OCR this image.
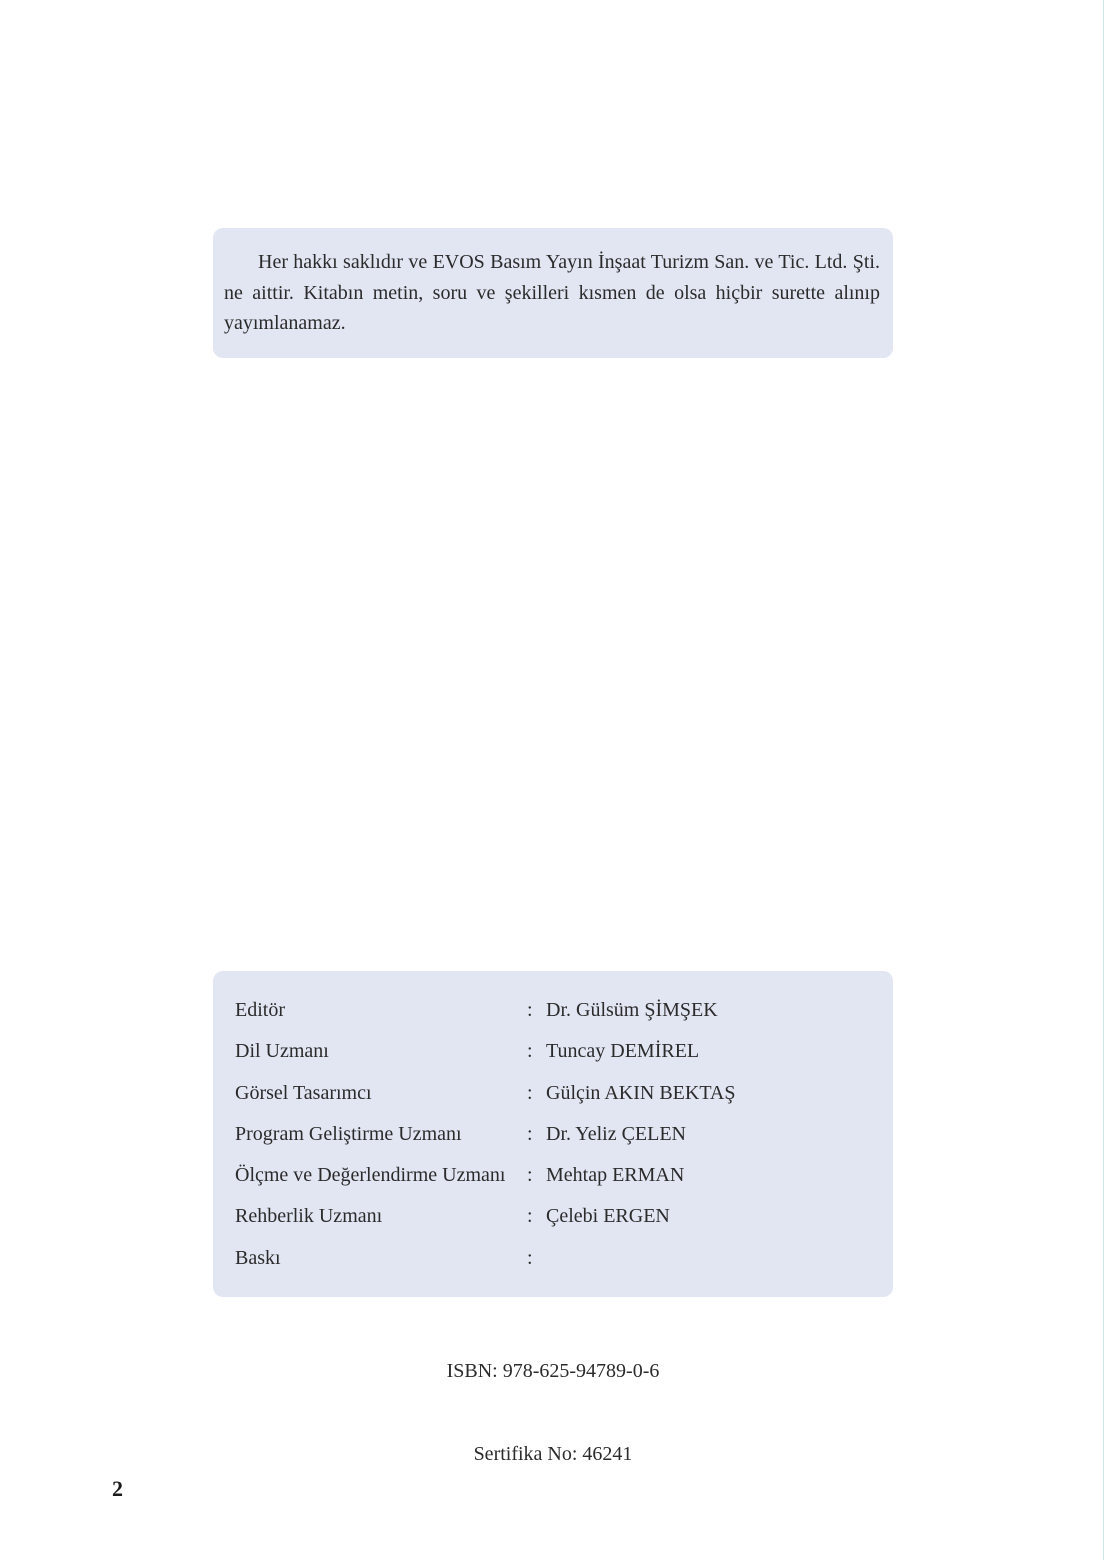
Her hakkı saklıdır ve EVOS Basım Yayın İnşaat Turizm San. ve Tic. Ltd. Şti. ne aittir. Kitabın metin, soru ve şekilleri kısmen de olsa hiçbir surette alınıp yayımlanamaz.

Editör	: Dr. Gülsüm ŞİMŞEK
Dil Uzmanı	: Tuncay DEMİREL
Görsel Tasarımcı	: Gülçin AKIN BEKTAŞ
Program Geliştirme Uzmanı	: Dr. Yeliz ÇELEN
Ölçme ve Değerlendirme Uzmanı : Mehtap ERMAN
Rehberlik Uzmanı	: Çelebi ERGEN
Baskı	:
ISBN: 978-625-94789-0-6
Sertifika No: 46241
2
